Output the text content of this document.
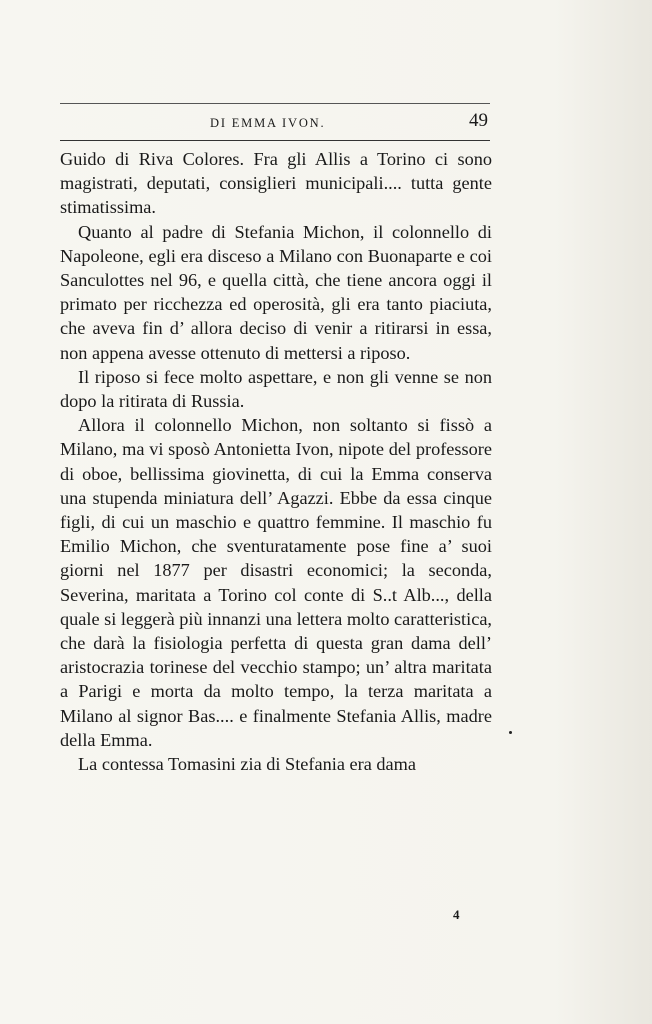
DI EMMA IVON.	49

Guido di Riva Colores. Fra gli Allis a Torino ci sono magistrati, deputati, consiglieri municipali.... tutta gente stimatissima.

Quanto al padre di Stefania Michon, il colonnello di Napoleone, egli era disceso a Milano con Buonaparte e coi Sanculottes nel 96, e quella città, che tiene ancora oggi il primato per ricchezza ed operosità, gli era tanto piaciuta, che aveva fin d’ allora deciso di venir a ritirarsi in essa, non appena avesse ottenuto di mettersi a riposo.

Il riposo si fece molto aspettare, e non gli venne se non dopo la ritirata di Russia.

Allora il colonnello Michon, non soltanto si fissò a Milano, ma vi sposò Antonietta Ivon, nipote del professore di oboe, bellissima giovinetta, di cui la Emma conserva una stupenda miniatura dell’ Agazzi. Ebbe da essa cinque figli, di cui un maschio e quattro femmine. Il maschio fu Emilio Michon, che sventuratamente pose fine a’ suoi giorni nel 1877 per disastri economici; la seconda, Severina, maritata a Torino col conte di S..t Alb..., della quale si leggerà più innanzi una lettera molto caratteristica, che darà la fisiologia perfetta di questa gran dama dell’ aristocrazia torinese del vecchio stampo; un’ altra maritata a Parigi e morta da molto tempo, la terza maritata a Milano al signor Bas.... e finalmente Stefania Allis, madre della Emma.

La contessa Tomasini zia di Stefania era dama

4
